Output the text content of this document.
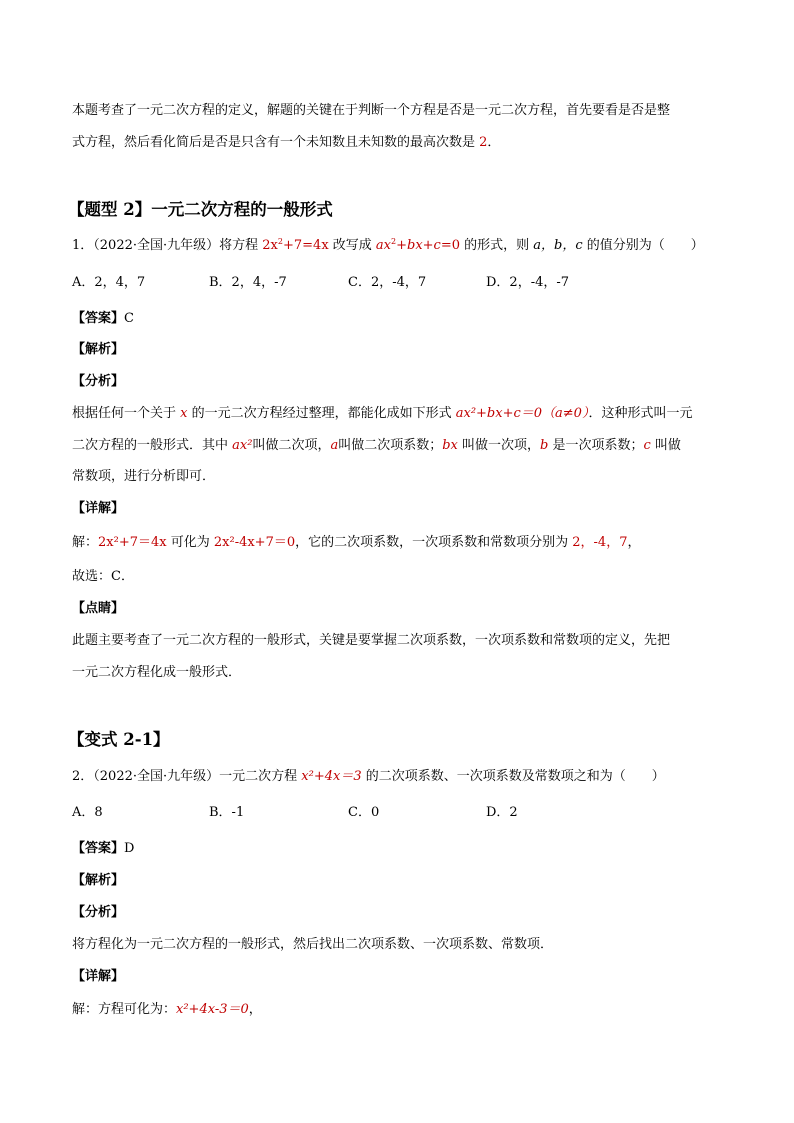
本题考查了一元二次方程的定义，解题的关键在于判断一个方程是否是一元二次方程，首先要看是否是整
式方程，然后看化简后是否是只含有一个未知数且未知数的最高次数是 2．
【题型 2】一元二次方程的一般形式
1．（2022·全国·九年级）将方程 $2x^2+7=4x$ 改写成 $ax^2+bx+c=0$ 的形式，则 a，b，c 的值分别为（　　）
A．2，4，7	B．2，4，-7	C．2，-4，7	D．2，-4，-7
【答案】C
【解析】
【分析】
根据任何一个关于 x 的一元二次方程经过整理，都能化成如下形式 ax²+bx+c＝0（a≠0）．这种形式叫一元
二次方程的一般形式．其中 ax²叫做二次项，a叫做二次项系数；bx 叫做一次项，b 是一次项系数；c 叫做
常数项，进行分析即可．
【详解】
解：2x²+7＝4x 可化为 2x²-4x+7＝0，它的二次项系数，一次项系数和常数项分别为 2，-4，7，
故选：C．
【点睛】
此题主要考查了一元二次方程的一般形式，关键是要掌握二次项系数，一次项系数和常数项的定义，先把
一元二次方程化成一般形式．
【变式 2-1】
2．（2022·全国·九年级）一元二次方程 x²+4x＝3 的二次项系数、一次项系数及常数项之和为（　　）
A．8	B．-1	C．0	D．2
【答案】D
【解析】
【分析】
将方程化为一元二次方程的一般形式，然后找出二次项系数、一次项系数、常数项．
【详解】
解：方程可化为：x²+4x-3＝0，
